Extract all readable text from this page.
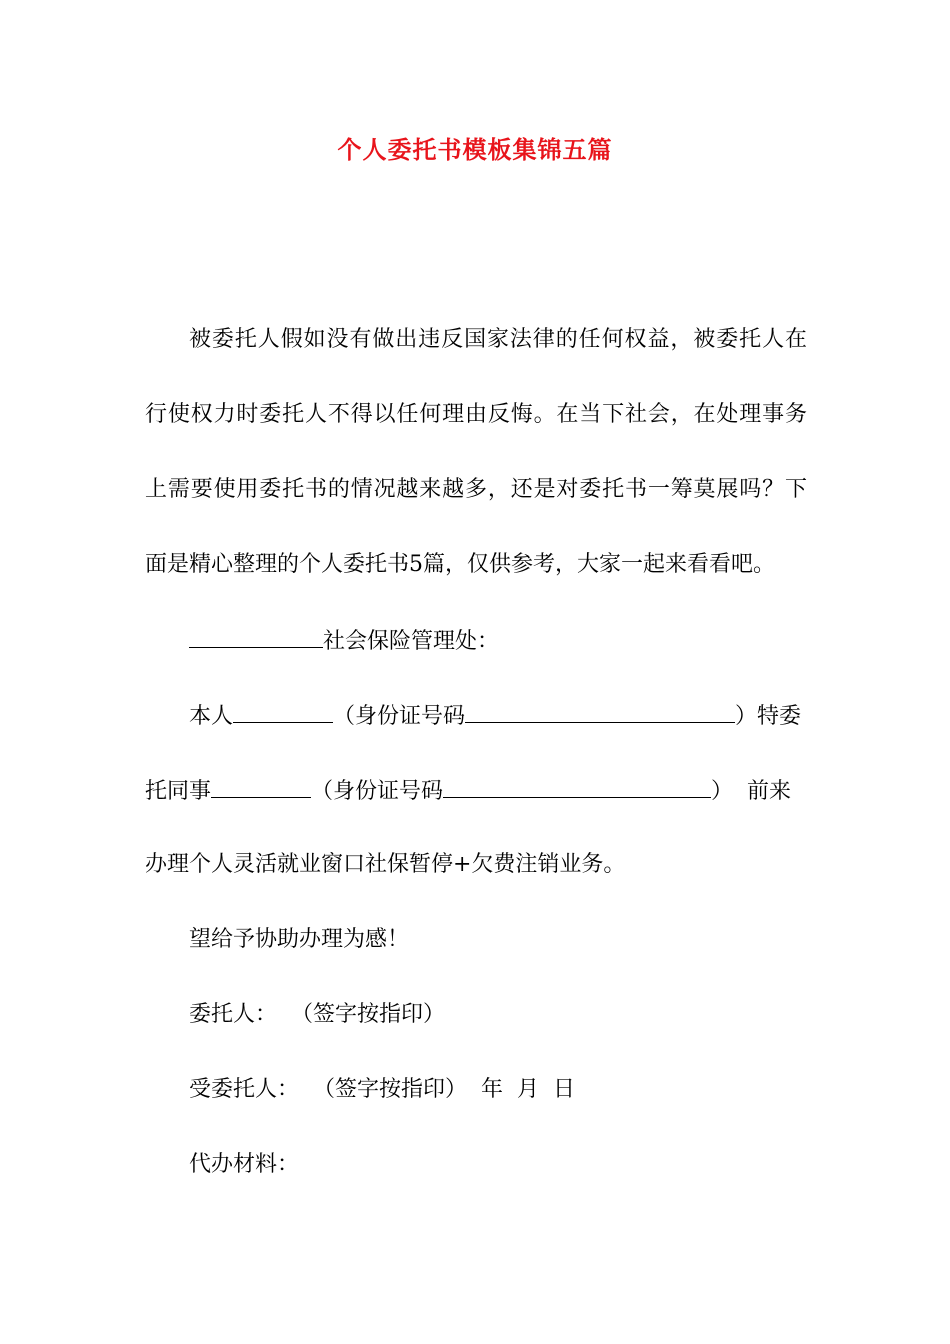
个人委托书模板集锦五篇
被委托人假如没有做出违反国家法律的任何权益，被委托人在
行使权力时委托人不得以任何理由反悔。在当下社会，在处理事务
上需要使用委托书的情况越来越多，还是对委托书一筹莫展吗？下
面是精心整理的个人委托书5篇，仅供参考，大家一起来看看吧。
社会保险管理处：
本人	（身份证号码	）特委
托同事	（身份证号码	）  前来
办理个人灵活就业窗口社保暂停+欠费注销业务。
望给予协助办理为感！
委托人：  （签字按指印）
受委托人：  （签字按指印）  年  月  日
代办材料：
